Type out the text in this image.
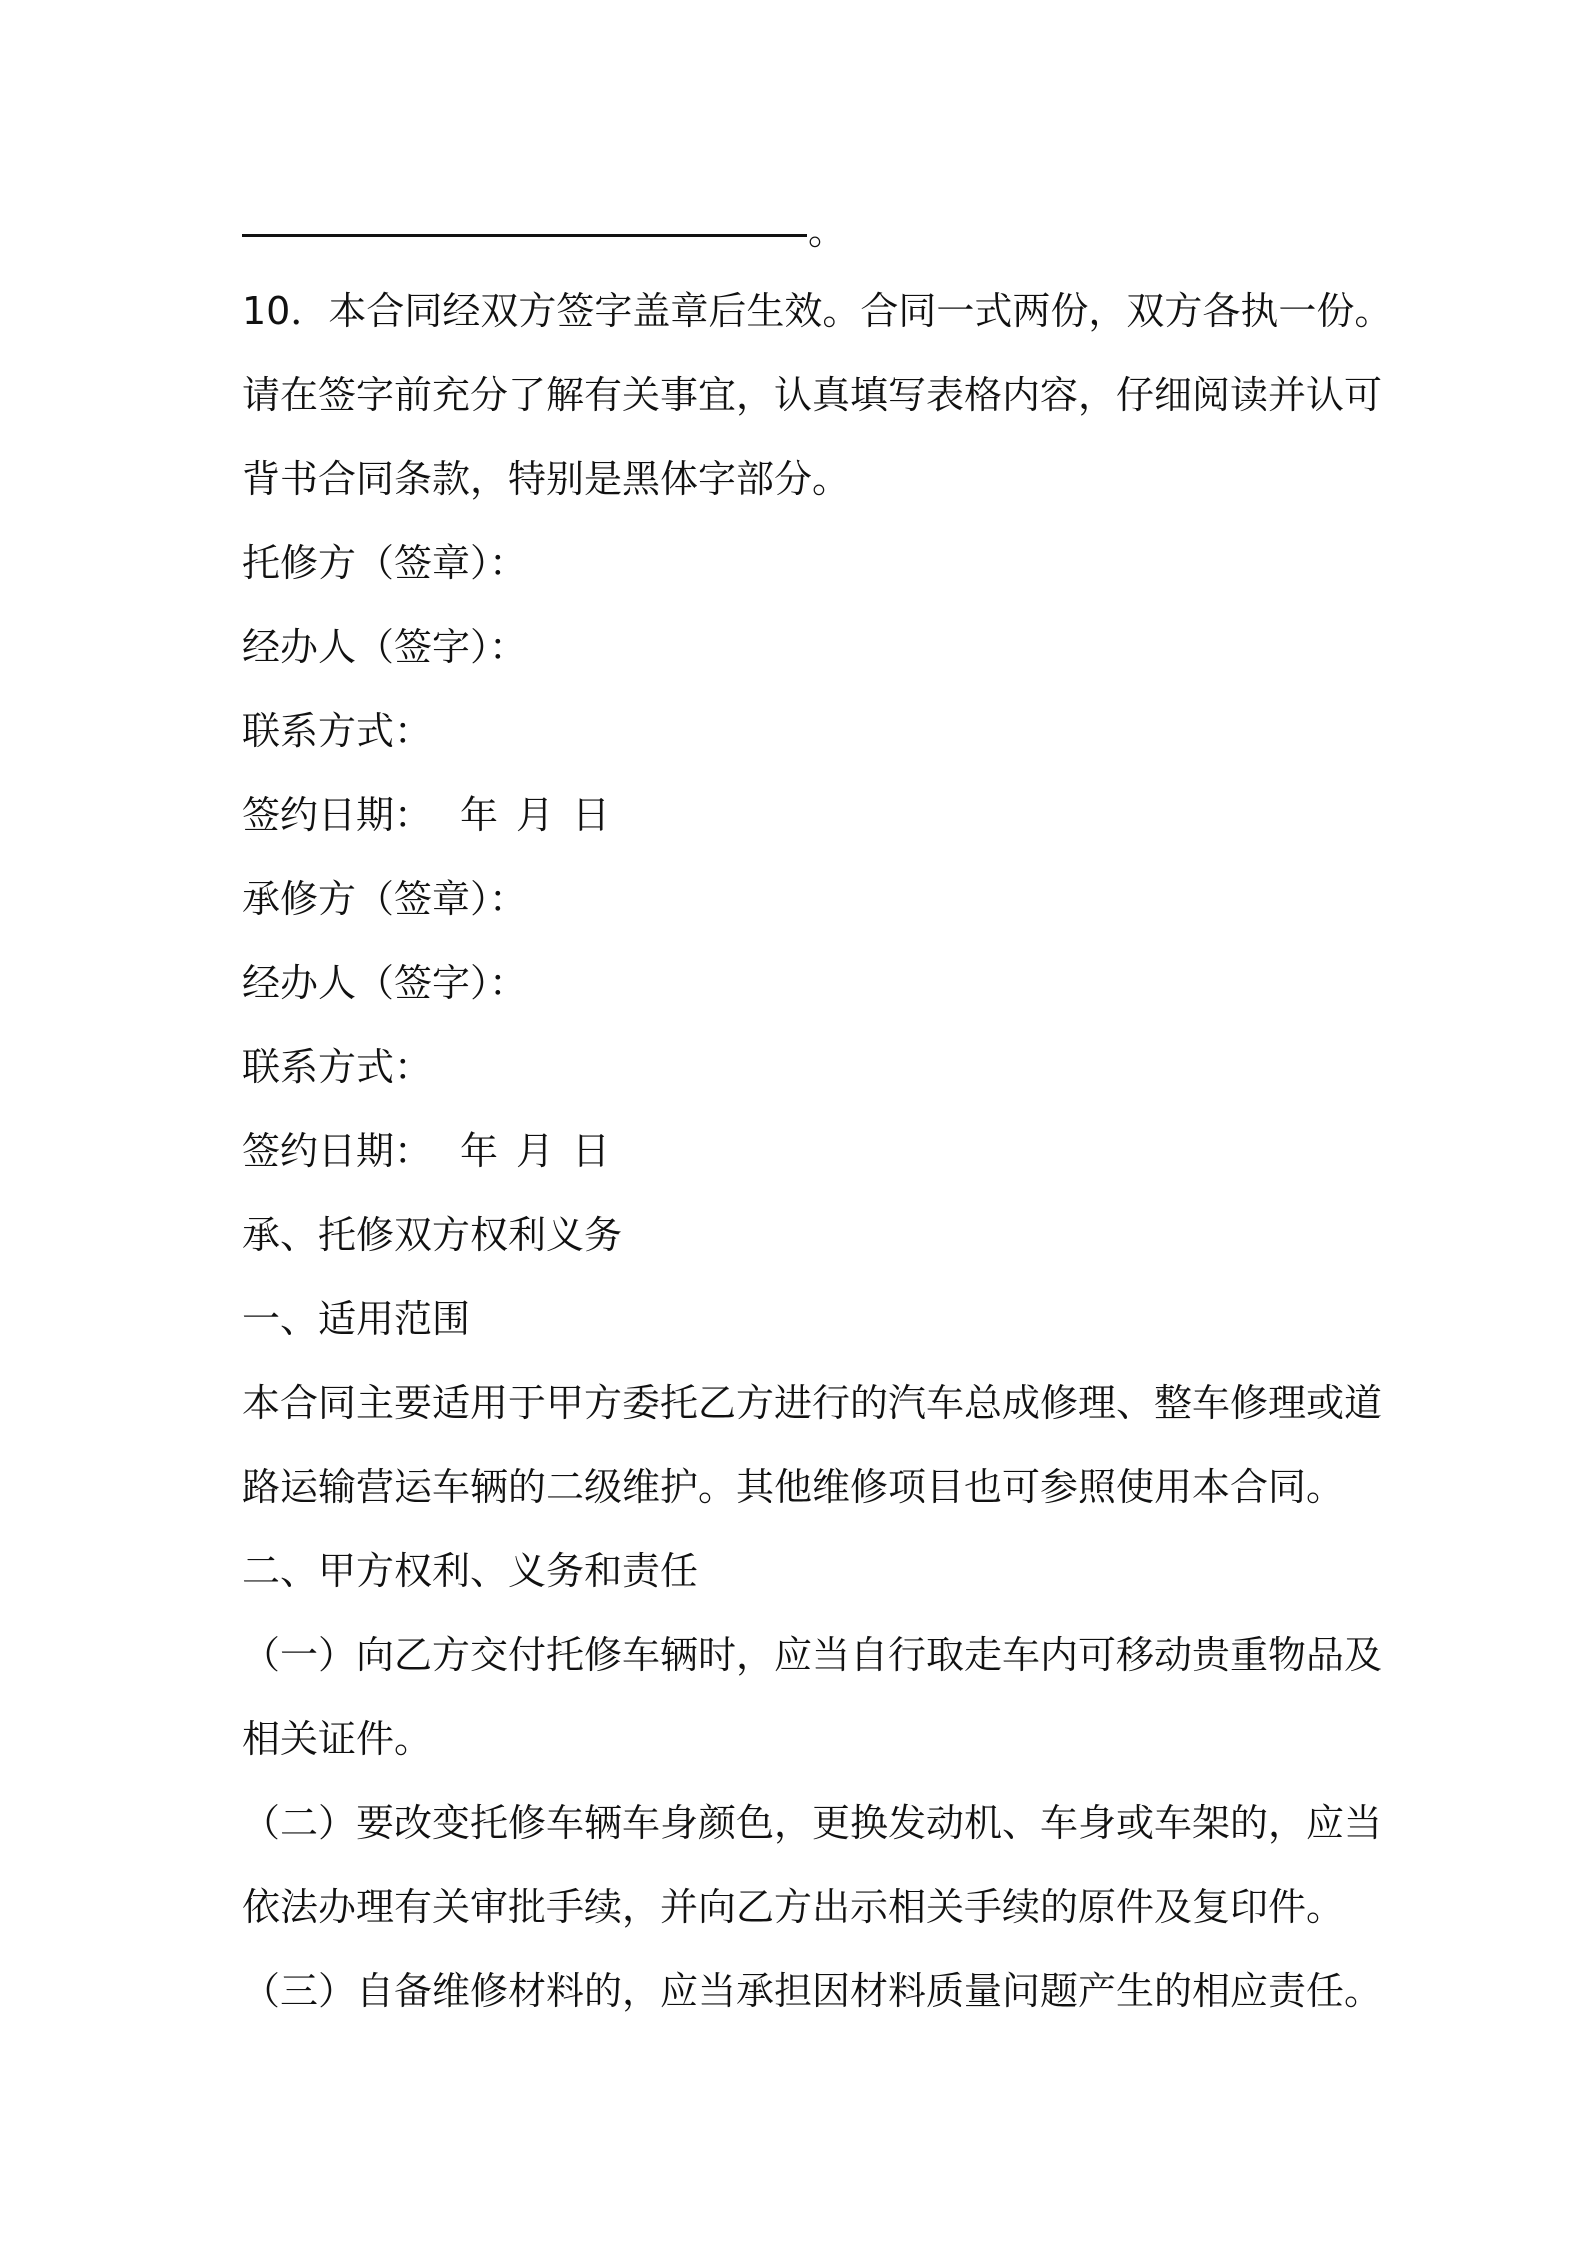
。
10．本合同经双方签字盖章后生效。合同一式两份，双方各执一份。
请在签字前充分了解有关事宜，认真填写表格内容，仔细阅读并认可
背书合同条款，特别是黑体字部分。
托修方（签章）：
经办人（签字）：
联系方式：
签约日期： 年 月 日
承修方（签章）：
经办人（签字）：
联系方式：
签约日期： 年 月 日
承、托修双方权利义务
一、适用范围
本合同主要适用于甲方委托乙方进行的汽车总成修理、整车修理或道
路运输营运车辆的二级维护。其他维修项目也可参照使用本合同。
二、甲方权利、义务和责任
（一）向乙方交付托修车辆时，应当自行取走车内可移动贵重物品及
相关证件。
（二）要改变托修车辆车身颜色，更换发动机、车身或车架的，应当
依法办理有关审批手续，并向乙方出示相关手续的原件及复印件。
（三）自备维修材料的，应当承担因材料质量问题产生的相应责任。
